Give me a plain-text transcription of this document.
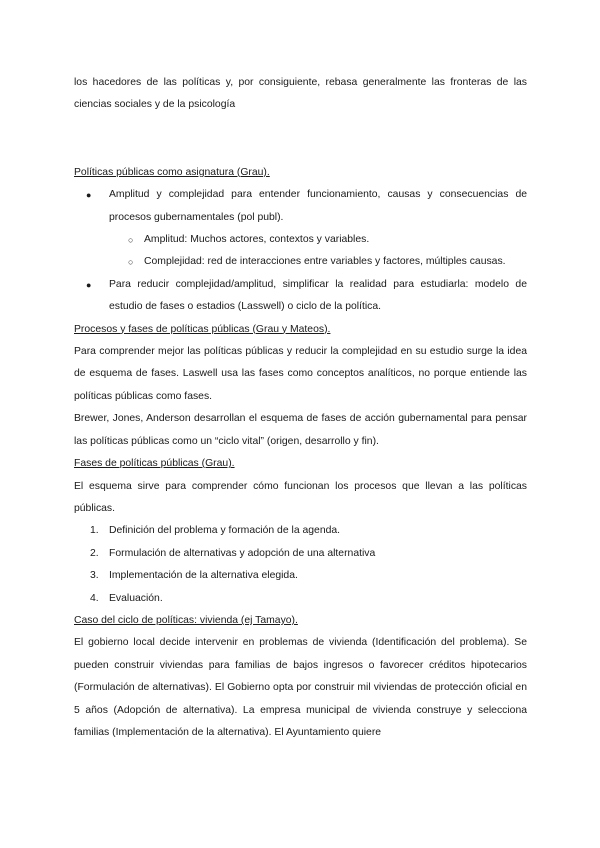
los hacedores de las políticas y, por consiguiente, rebasa generalmente las fronteras de las ciencias sociales y de la psicología

Políticas públicas como asignatura (Grau).

● Amplitud y complejidad para entender funcionamiento, causas y consecuencias de procesos gubernamentales (pol publ).
○ Amplitud: Muchos actores, contextos y variables.
○ Complejidad: red de interacciones entre variables y factores, múltiples causas.
● Para reducir complejidad/amplitud, simplificar la realidad para estudiarla: modelo de estudio de fases o estadios (Lasswell) o ciclo de la política.

Procesos y fases de políticas públicas (Grau y Mateos).

Para comprender mejor las políticas públicas y reducir la complejidad en su estudio surge la idea de esquema de fases. Laswell usa las fases como conceptos analíticos, no porque entiende las políticas públicas como fases.

Brewer, Jones, Anderson desarrollan el esquema de fases de acción gubernamental para pensar las políticas públicas como un “ciclo vital” (origen, desarrollo y fin).

Fases de políticas públicas (Grau).

El esquema sirve para comprender cómo funcionan los procesos que llevan a las políticas públicas.

1. Definición del problema y formación de la agenda.
2. Formulación de alternativas y adopción de una alternativa
3. Implementación de la alternativa elegida.
4. Evaluación.

Caso del ciclo de políticas: vivienda (ej Tamayo).

El gobierno local decide intervenir en problemas de vivienda (Identificación del problema). Se pueden construir viviendas para familias de bajos ingresos o favorecer créditos hipotecarios (Formulación de alternativas). El Gobierno opta por construir mil viviendas de protección oficial en 5 años (Adopción de alternativa). La empresa municipal de vivienda construye y selecciona familias (Implementación de la alternativa). El Ayuntamiento quiere
